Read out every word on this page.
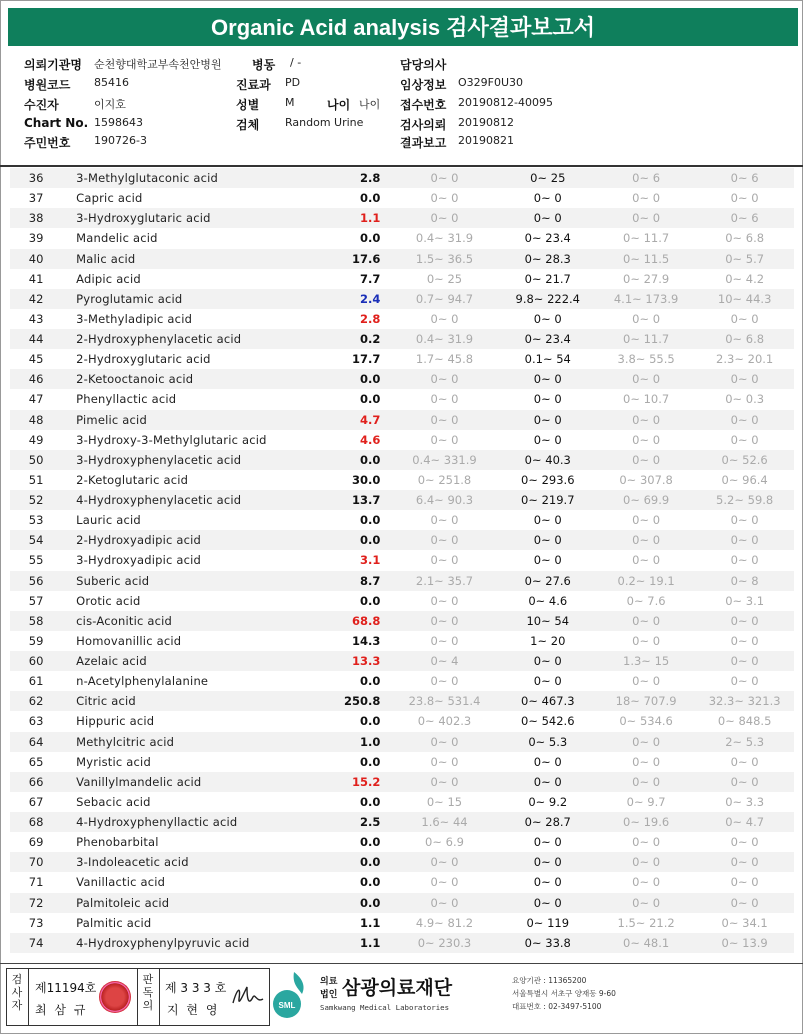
Organic Acid analysis 검사결과보고서
의뢰기관명 순천향대학교부속천안병원	병동 / -	담당의사
병원코드 85416	진료과 PD	임상정보 O329F0U30
수진자	이지호	성별 M	나이 나이 접수번호 20190812-40095
Chart No. 1598643	검체 Random Urine	검사의뢰 20190812
주민번호 190726-3	결과보고 20190821
36	3-Methylglutaconic acid	2.8	0~ 0	0~ 25	0~ 6	0~ 6
37	Capric acid	0.0	0~ 0	0~ 0	0~ 0	0~ 0
38	3-Hydroxyglutaric acid	1.1	0~ 0	0~ 0	0~ 0	0~ 6
39	Mandelic acid	0.0	0.4~ 31.9	0~ 23.4	0~ 11.7	0~ 6.8
40	Malic acid	17.6	1.5~ 36.5	0~ 28.3	0~ 11.5	0~ 5.7
41	Adipic acid	7.7	0~ 25	0~ 21.7	0~ 27.9	0~ 4.2
42	Pyroglutamic acid	2.4	0.7~ 94.7	9.8~ 222.4	4.1~ 173.9	10~ 44.3
43	3-Methyladipic acid	2.8	0~ 0	0~ 0	0~ 0	0~ 0
44	2-Hydroxyphenylacetic acid	0.2	0.4~ 31.9	0~ 23.4	0~ 11.7	0~ 6.8
45	2-Hydroxyglutaric acid	17.7	1.7~ 45.8	0.1~ 54	3.8~ 55.5	2.3~ 20.1
46	2-Ketooctanoic acid	0.0	0~ 0	0~ 0	0~ 0	0~ 0
47	Phenyllactic acid	0.0	0~ 0	0~ 0	0~ 10.7	0~ 0.3
48	Pimelic acid	4.7	0~ 0	0~ 0	0~ 0	0~ 0
49	3-Hydroxy-3-Methylglutaric acid	4.6	0~ 0	0~ 0	0~ 0	0~ 0
50	3-Hydroxyphenylacetic acid	0.0	0.4~ 331.9	0~ 40.3	0~ 0	0~ 52.6
51	2-Ketoglutaric acid	30.0	0~ 251.8	0~ 293.6	0~ 307.8	0~ 96.4
52	4-Hydroxyphenylacetic acid	13.7	6.4~ 90.3	0~ 219.7	0~ 69.9	5.2~ 59.8
53	Lauric acid	0.0	0~ 0	0~ 0	0~ 0	0~ 0
54	2-Hydroxyadipic acid	0.0	0~ 0	0~ 0	0~ 0	0~ 0
55	3-Hydroxyadipic acid	3.1	0~ 0	0~ 0	0~ 0	0~ 0
56	Suberic acid	8.7	2.1~ 35.7	0~ 27.6	0.2~ 19.1	0~ 8
57	Orotic acid	0.0	0~ 0	0~ 4.6	0~ 7.6	0~ 3.1
58	cis-Aconitic acid	68.8	0~ 0	10~ 54	0~ 0	0~ 0
59	Homovanillic acid	14.3	0~ 0	1~ 20	0~ 0	0~ 0
60	Azelaic acid	13.3	0~ 4	0~ 0	1.3~ 15	0~ 0
61	n-Acetylphenylalanine	0.0	0~ 0	0~ 0	0~ 0	0~ 0
62	Citric acid	250.8	23.8~ 531.4	0~ 467.3	18~ 707.9	32.3~ 321.3
63	Hippuric acid	0.0	0~ 402.3	0~ 542.6	0~ 534.6	0~ 848.5
64	Methylcitric acid	1.0	0~ 0	0~ 5.3	0~ 0	2~ 5.3
65	Myristic acid	0.0	0~ 0	0~ 0	0~ 0	0~ 0
66	Vanillylmandelic acid	15.2	0~ 0	0~ 0	0~ 0	0~ 0
67	Sebacic acid	0.0	0~ 15	0~ 9.2	0~ 9.7	0~ 3.3
68	4-Hydroxyphenyllactic acid	2.5	1.6~ 44	0~ 28.7	0~ 19.6	0~ 4.7
69	Phenobarbital	0.0	0~ 6.9	0~ 0	0~ 0	0~ 0
70	3-Indoleacetic acid	0.0	0~ 0	0~ 0	0~ 0	0~ 0
71	Vanillactic acid	0.0	0~ 0	0~ 0	0~ 0	0~ 0
72	Palmitoleic acid	0.0	0~ 0	0~ 0	0~ 0	0~ 0
73	Palmitic acid	1.1	4.9~ 81.2	0~ 119	1.5~ 21.2	0~ 34.1
74	4-Hydroxyphenylpyruvic acid	1.1	0~ 230.3	0~ 33.8	0~ 48.1	0~ 13.9
검사자
제11194호
최 삼 규
판독의
제 3 3 3 호
지 현 영	SML
의료
법인 삼광의료재단
Samkwang Medical Laboratories
요양기관 : 11365200
서울특별시 서초구 양재동 9-60
대표번호 : 02-3497-5100
